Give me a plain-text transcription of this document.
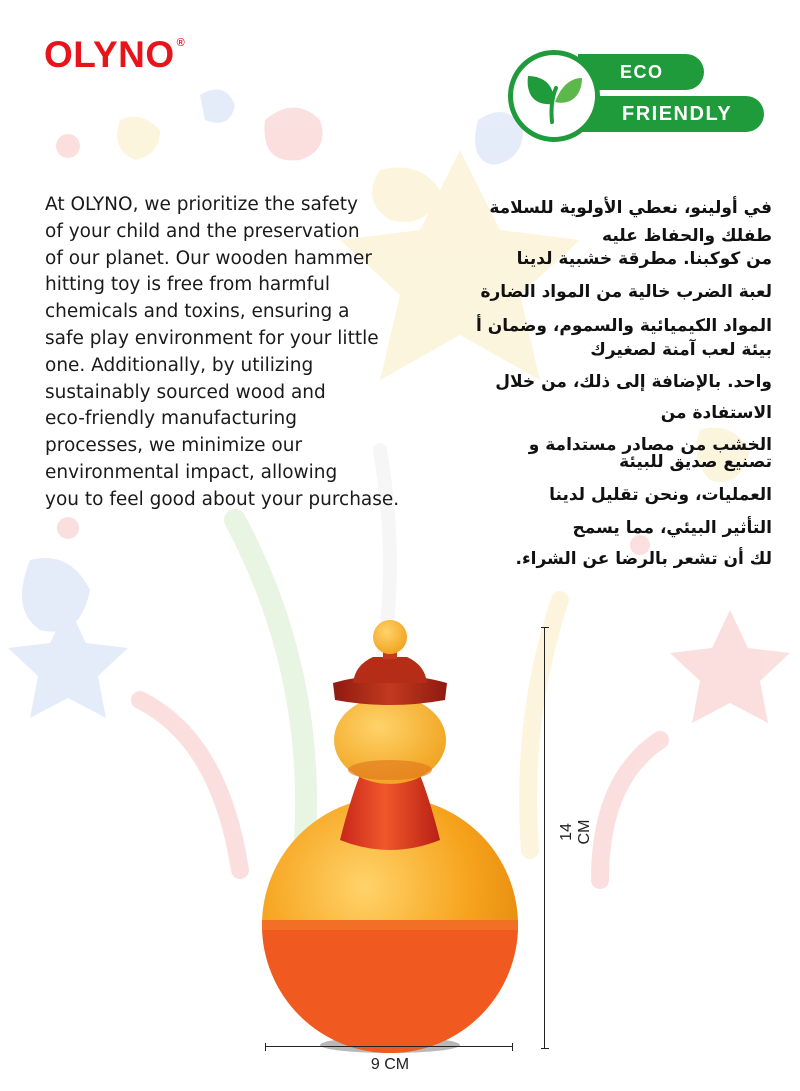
OLYNO ®
ECO
FRIENDLY

At OLYNO, we prioritize the safety
of your child and the preservation
of our planet. Our wooden hammer
hitting toy is free from harmful
chemicals and toxins, ensuring a
safe play environment for your little
one. Additionally, by utilizing
sustainably sourced wood and
eco-friendly manufacturing
processes, we minimize our
environmental impact, allowing
you to feel good about your purchase.

في أولينو، نعطي الأولوية للسلامة
طفلك والحفاظ عليه
من كوكبنا. مطرقة خشبية لدينا
لعبة الضرب خالية من المواد الضارة
المواد الكيميائية والسموم، وضمان أ
بيئة لعب آمنة لصغيرك
واحد. بالإضافة إلى ذلك، من خلال
الاستفادة من
الخشب من مصادر مستدامة و
تصنيع صديق للبيئة
العمليات، ونحن تقليل لدينا
التأثير البيئي، مما يسمح
لك أن تشعر بالرضا عن الشراء.
14 CM
9 CM
